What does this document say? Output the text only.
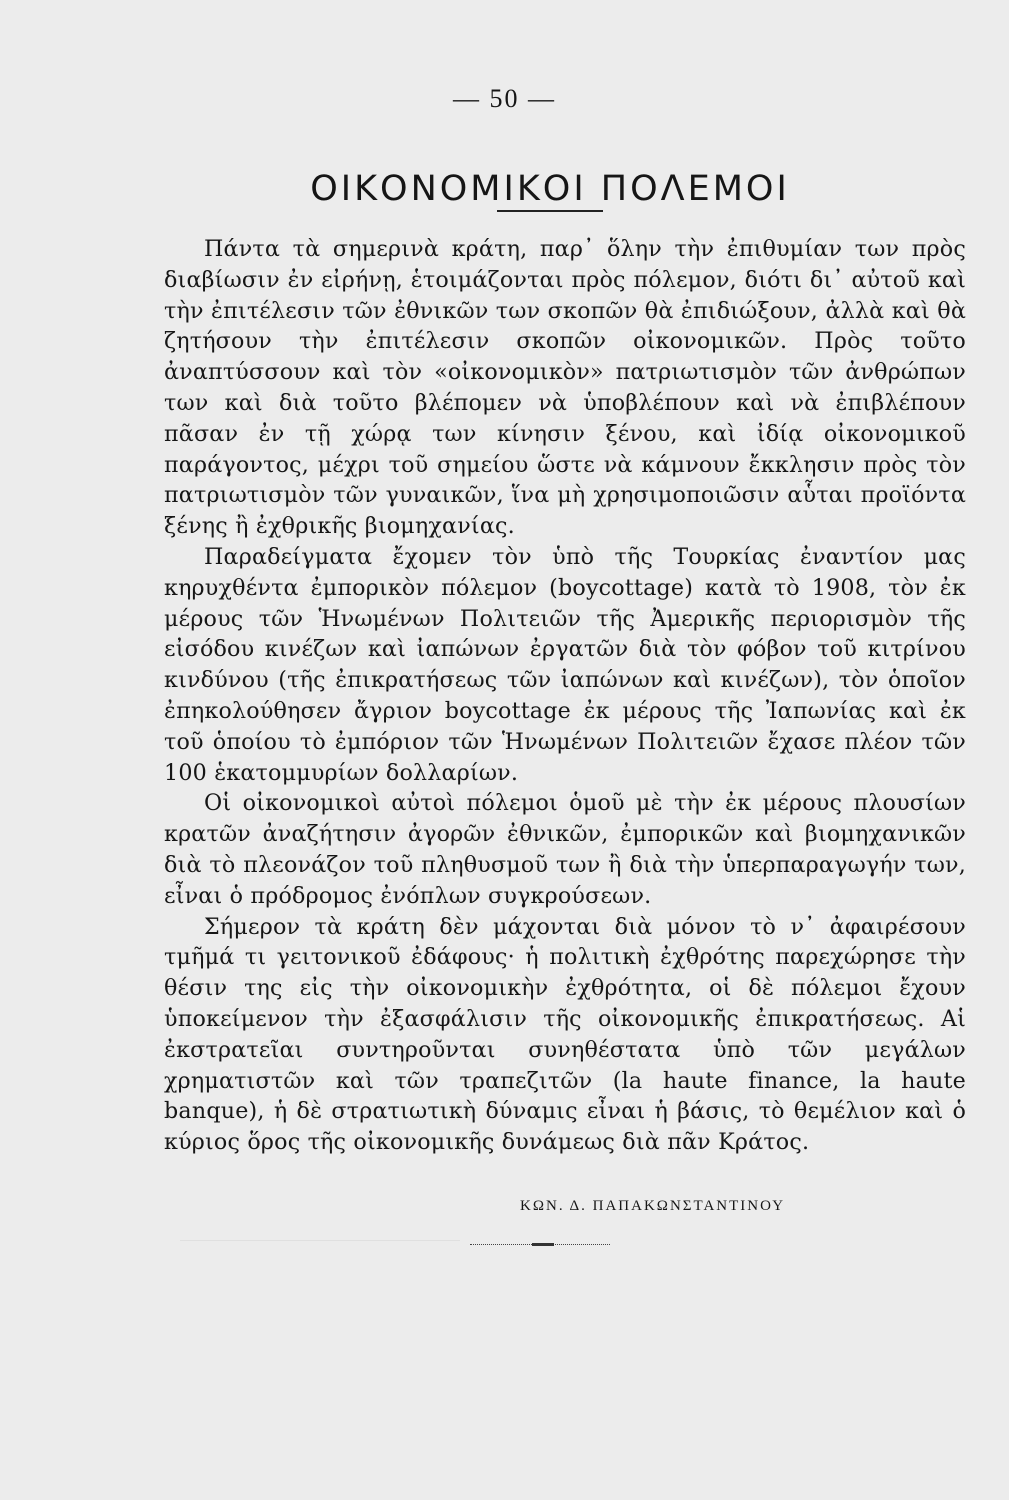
— 50 —
ΟΙΚΟΝΟΜΙΚΟΙ ΠΟΛΕΜΟΙ

Πάντα τὰ σημερινὰ κράτη, παρ᾽ ὅλην τὴν ἐπιθυμίαν των πρὸς διαβίωσιν ἐν εἰρήνῃ, ἑτοιμάζονται πρὸς πόλεμον, διότι δι᾽ αὐτοῦ καὶ τὴν ἐπιτέλεσιν τῶν ἐθνικῶν των σκοπῶν θὰ ἐπιδιώξουν, ἀλλὰ καὶ θὰ ζητήσουν τὴν ἐπιτέλεσιν σκοπῶν οἰκονομικῶν. Πρὸς τοῦτο ἀναπτύσσουν καὶ τὸν «οἰκονομικὸν» πατριωτισμὸν τῶν ἀνθρώπων των καὶ διὰ τοῦτο βλέπομεν νὰ ὑποβλέπουν καὶ νὰ ἐπιβλέπουν πᾶσαν ἐν τῇ χώρᾳ των κίνησιν ξένου, καὶ ἰδίᾳ οἰκονομικοῦ παράγοντος, μέχρι τοῦ σημείου ὥστε νὰ κάμνουν ἔκκλησιν πρὸς τὸν πατριωτισμὸν τῶν γυναικῶν, ἵνα μὴ χρησιμοποιῶσιν αὗται προϊόντα ξένης ἢ ἐχθρικῆς βιομηχανίας.

Παραδείγματα ἔχομεν τὸν ὑπὸ τῆς Τουρκίας ἐναντίον μας κηρυχθέντα ἐμπορικὸν πόλεμον (boycottage) κατὰ τὸ 1908, τὸν ἐκ μέρους τῶν Ἡνωμένων Πολιτειῶν τῆς Ἀμερικῆς περιορισμὸν τῆς εἰσόδου κινέζων καὶ ἰαπώνων ἐργατῶν διὰ τὸν φόβον τοῦ κιτρίνου κινδύνου (τῆς ἐπικρατήσεως τῶν ἰαπώνων καὶ κινέζων), τὸν ὁποῖον ἐπηκολούθησεν ἄγριον boycottage ἐκ μέρους τῆς Ἰαπωνίας καὶ ἐκ τοῦ ὁποίου τὸ ἐμπόριον τῶν Ἡνωμένων Πολιτειῶν ἔχασε πλέον τῶν 100 ἑκατομμυρίων δολλαρίων.

Οἱ οἰκονομικοὶ αὐτοὶ πόλεμοι ὁμοῦ μὲ τὴν ἐκ μέρους πλουσίων κρατῶν ἀναζήτησιν ἀγορῶν ἐθνικῶν, ἐμπορικῶν καὶ βιομηχανικῶν διὰ τὸ πλεονάζον τοῦ πληθυσμοῦ των ἢ διὰ τὴν ὑπερπαραγωγήν των, εἶναι ὁ πρόδρομος ἐνόπλων συγκρούσεων.

Σήμερον τὰ κράτη δὲν μάχονται διὰ μόνον τὸ ν᾽ ἀφαιρέσουν τμῆμά τι γειτονικοῦ ἐδάφους· ἡ πολιτικὴ ἐχθρότης παρεχώρησε τὴν θέσιν της εἰς τὴν οἰκονομικὴν ἐχθρότητα, οἱ δὲ πόλεμοι ἔχουν ὑποκείμενον τὴν ἐξασφάλισιν τῆς οἰκονομικῆς ἐπικρατήσεως. Αἱ ἐκστρατεῖαι συντηροῦνται συνηθέστατα ὑπὸ τῶν μεγάλων χρηματιστῶν καὶ τῶν τραπεζιτῶν (la haute finance, la haute banque), ἡ δὲ στρατιωτικὴ δύναμις εἶναι ἡ βάσις, τὸ θεμέλιον καὶ ὁ κύριος ὅρος τῆς οἰκονομικῆς δυνάμεως διὰ πᾶν Κράτος.

ΚΩΝ. Δ. ΠΑΠΑΚΩΝΣΤΑΝΤΙΝΟΥ
